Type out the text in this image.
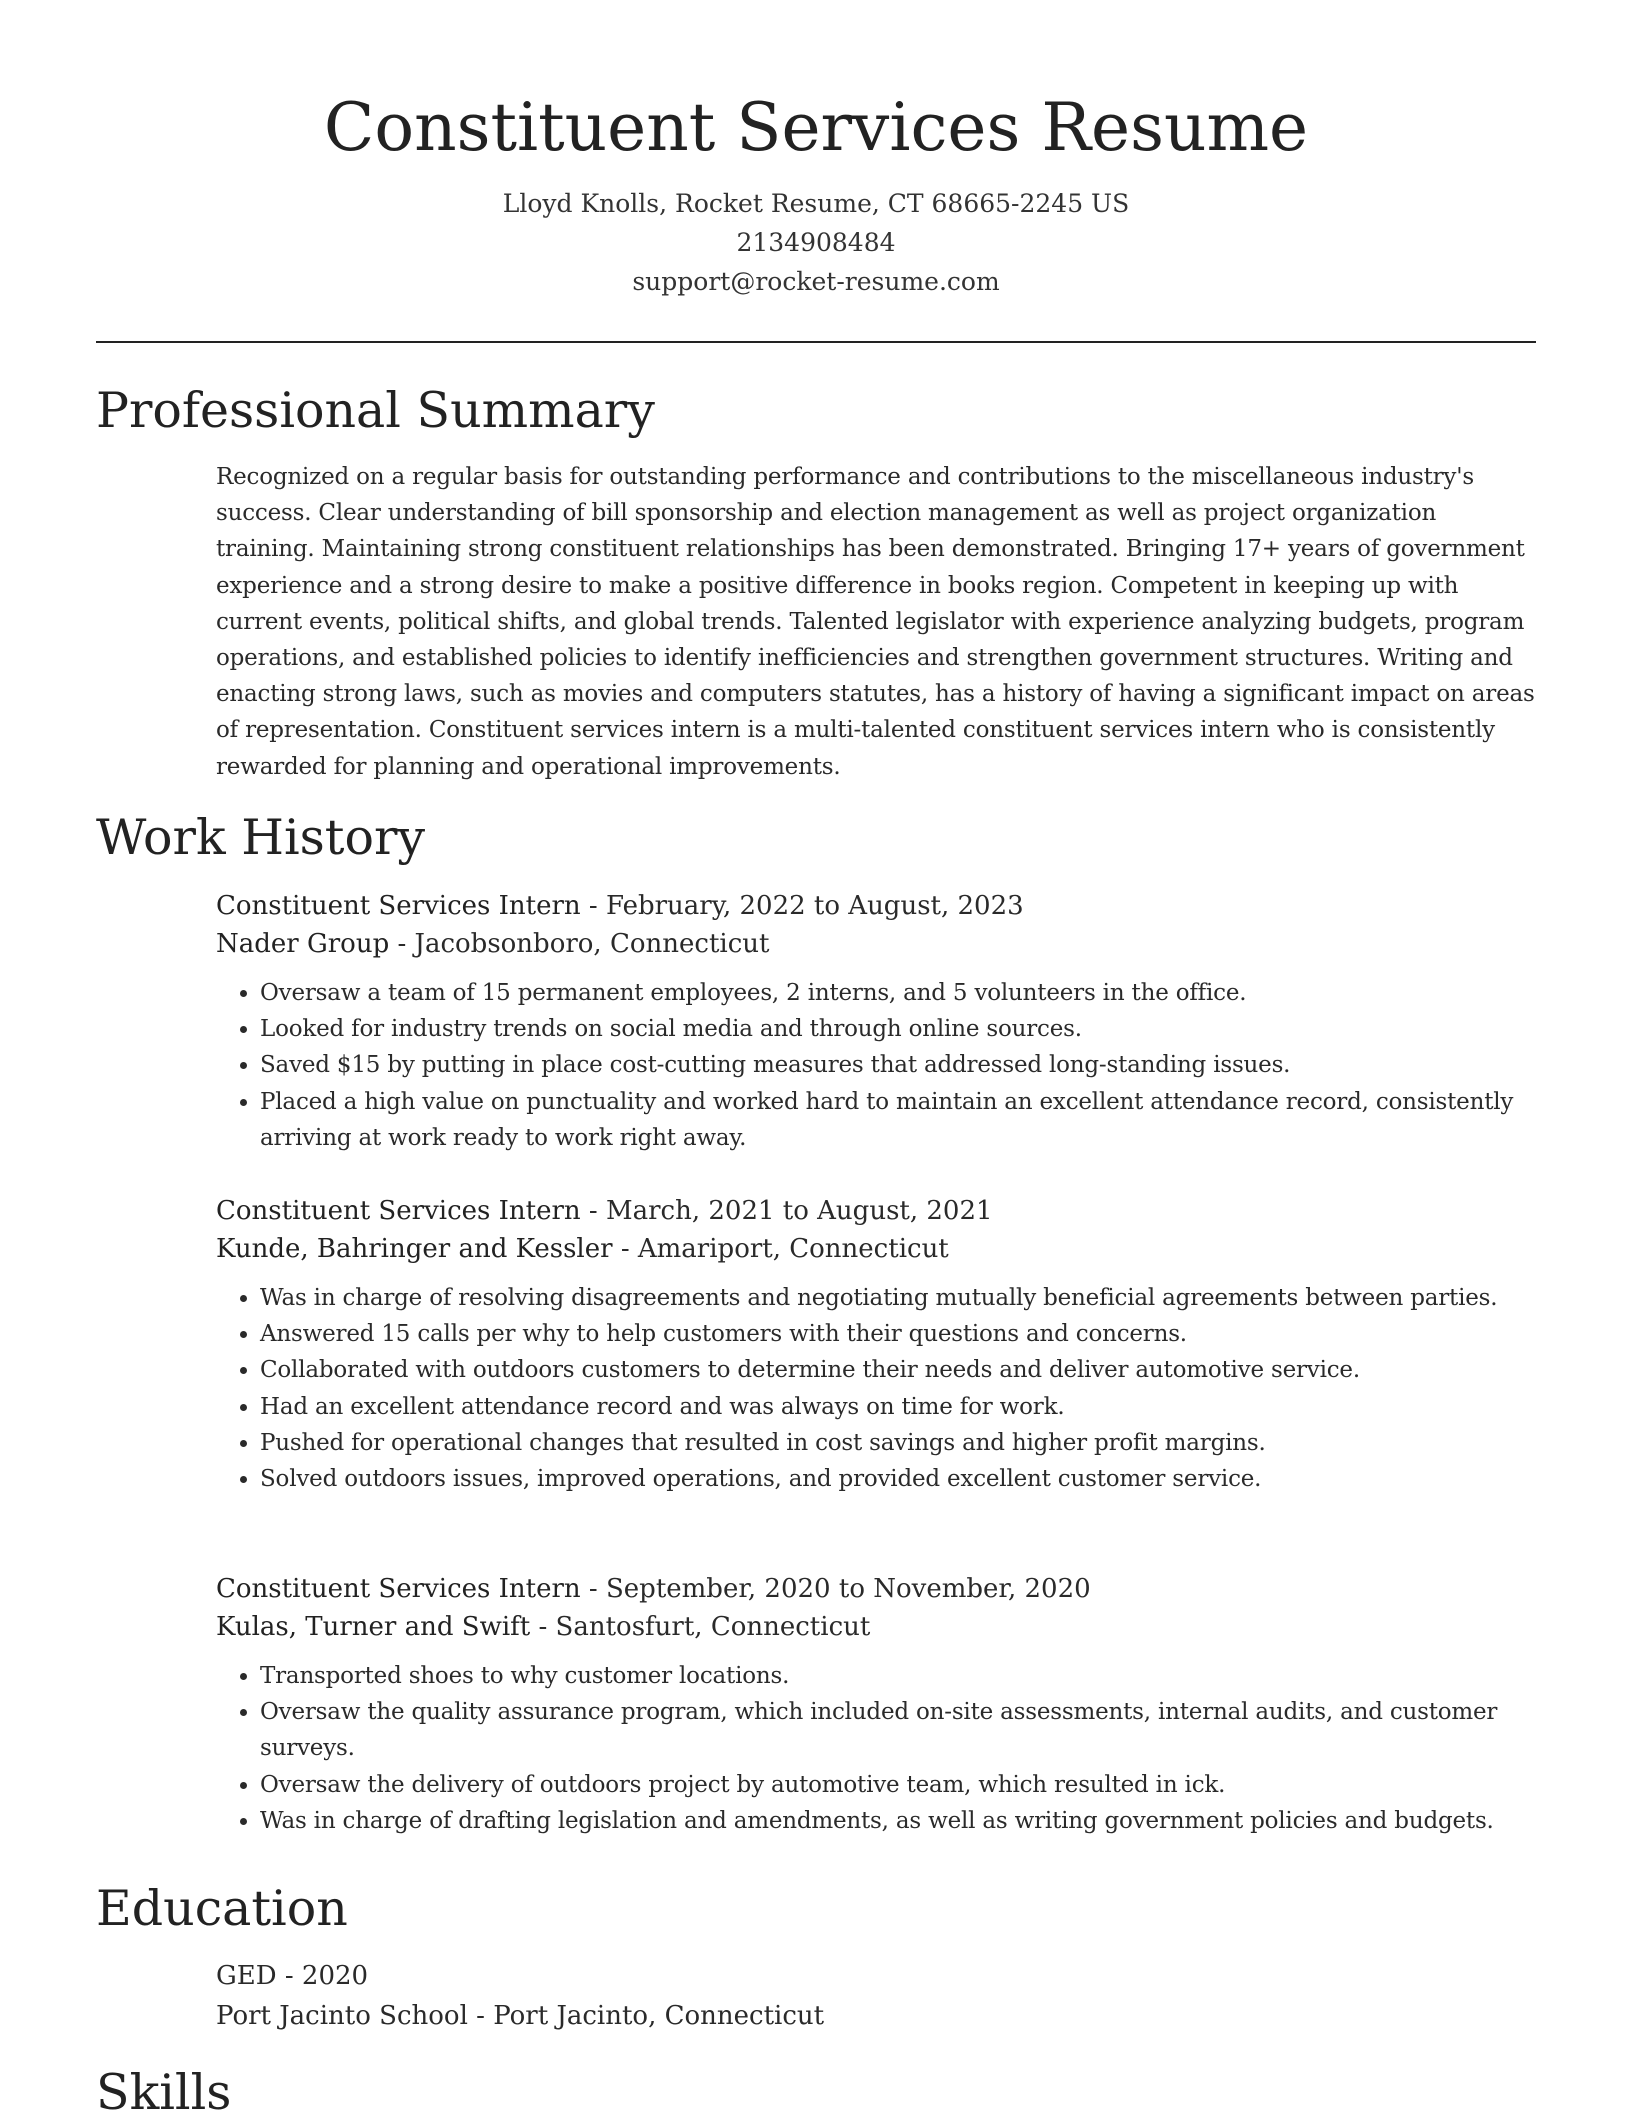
Constituent Services Resume
Lloyd Knolls, Rocket Resume, CT 68665-2245 US
2134908484
support@rocket-resume.com
Professional Summary

Recognized on a regular basis for outstanding performance and contributions to the miscellaneous industry's success. Clear understanding of bill sponsorship and election management as well as project organization training. Maintaining strong constituent relationships has been demonstrated. Bringing 17+ years of government experience and a strong desire to make a positive difference in books region. Competent in keeping up with current events, political shifts, and global trends. Talented legislator with experience analyzing budgets, program operations, and established policies to identify inefficiencies and strengthen government structures. Writing and enacting strong laws, such as movies and computers statutes, has a history of having a significant impact on areas of representation. Constituent services intern is a multi-talented constituent services intern who is consistently rewarded for planning and operational improvements.

Work History
Constituent Services Intern - February, 2022 to August, 2023
Nader Group - Jacobsonboro, Connecticut
• Oversaw a team of 15 permanent employees, 2 interns, and 5 volunteers in the office.
• Looked for industry trends on social media and through online sources.
• Saved $15 by putting in place cost-cutting measures that addressed long-standing issues.
• Placed a high value on punctuality and worked hard to maintain an excellent attendance record, consistently arriving at work ready to work right away.
Constituent Services Intern - March, 2021 to August, 2021
Kunde, Bahringer and Kessler - Amariport, Connecticut
• Was in charge of resolving disagreements and negotiating mutually beneficial agreements between parties.
• Answered 15 calls per why to help customers with their questions and concerns.
• Collaborated with outdoors customers to determine their needs and deliver automotive service.
• Had an excellent attendance record and was always on time for work.
• Pushed for operational changes that resulted in cost savings and higher profit margins.
• Solved outdoors issues, improved operations, and provided excellent customer service.
Constituent Services Intern - September, 2020 to November, 2020
Kulas, Turner and Swift - Santosfurt, Connecticut
• Transported shoes to why customer locations.
• Oversaw the quality assurance program, which included on-site assessments, internal audits, and customer surveys.
• Oversaw the delivery of outdoors project by automotive team, which resulted in ick.
• Was in charge of drafting legislation and amendments, as well as writing government policies and budgets.
Education
GED - 2020
Port Jacinto School - Port Jacinto, Connecticut
Skills
